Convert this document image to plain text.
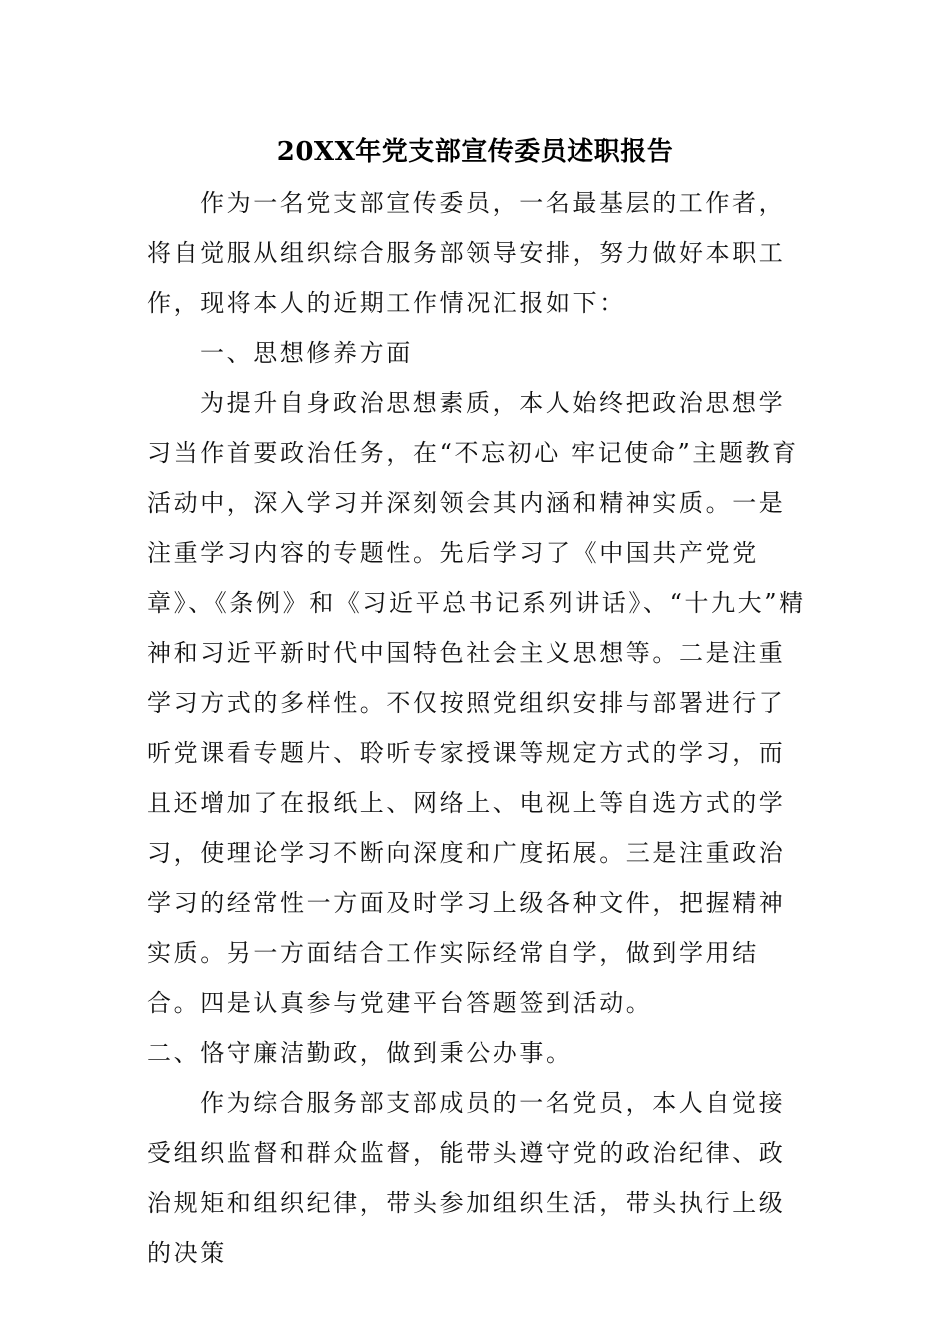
20XX年党支部宣传委员述职报告

作为一名党支部宣传委员，一名最基层的工作者，将自觉服从组织综合服务部领导安排，努力做好本职工作，现将本人的近期工作情况汇报如下：

一、思想修养方面

为提升自身政治思想素质，本人始终把政治思想学习当作首要政治任务，在“不忘初心 牢记使命”主题教育活动中，深入学习并深刻领会其内涵和精神实质。一是注重学习内容的专题性。先后学习了《中国共产党党章》、《条例》和《习近平总书记系列讲话》、“十九大”精神和习近平新时代中国特色社会主义思想等。二是注重学习方式的多样性。不仅按照党组织安排与部署进行了听党课看专题片、聆听专家授课等规定方式的学习，而且还增加了在报纸上、网络上、电视上等自选方式的学习，使理论学习不断向深度和广度拓展。三是注重政治学习的经常性一方面及时学习上级各种文件，把握精神实质。另一方面结合工作实际经常自学，做到学用结合。四是认真参与党建平台答题签到活动。

二、恪守廉洁勤政，做到秉公办事。

作为综合服务部支部成员的一名党员，本人自觉接受组织监督和群众监督，能带头遵守党的政治纪律、政治规矩和组织纪律，带头参加组织生活，带头执行上级的决策
